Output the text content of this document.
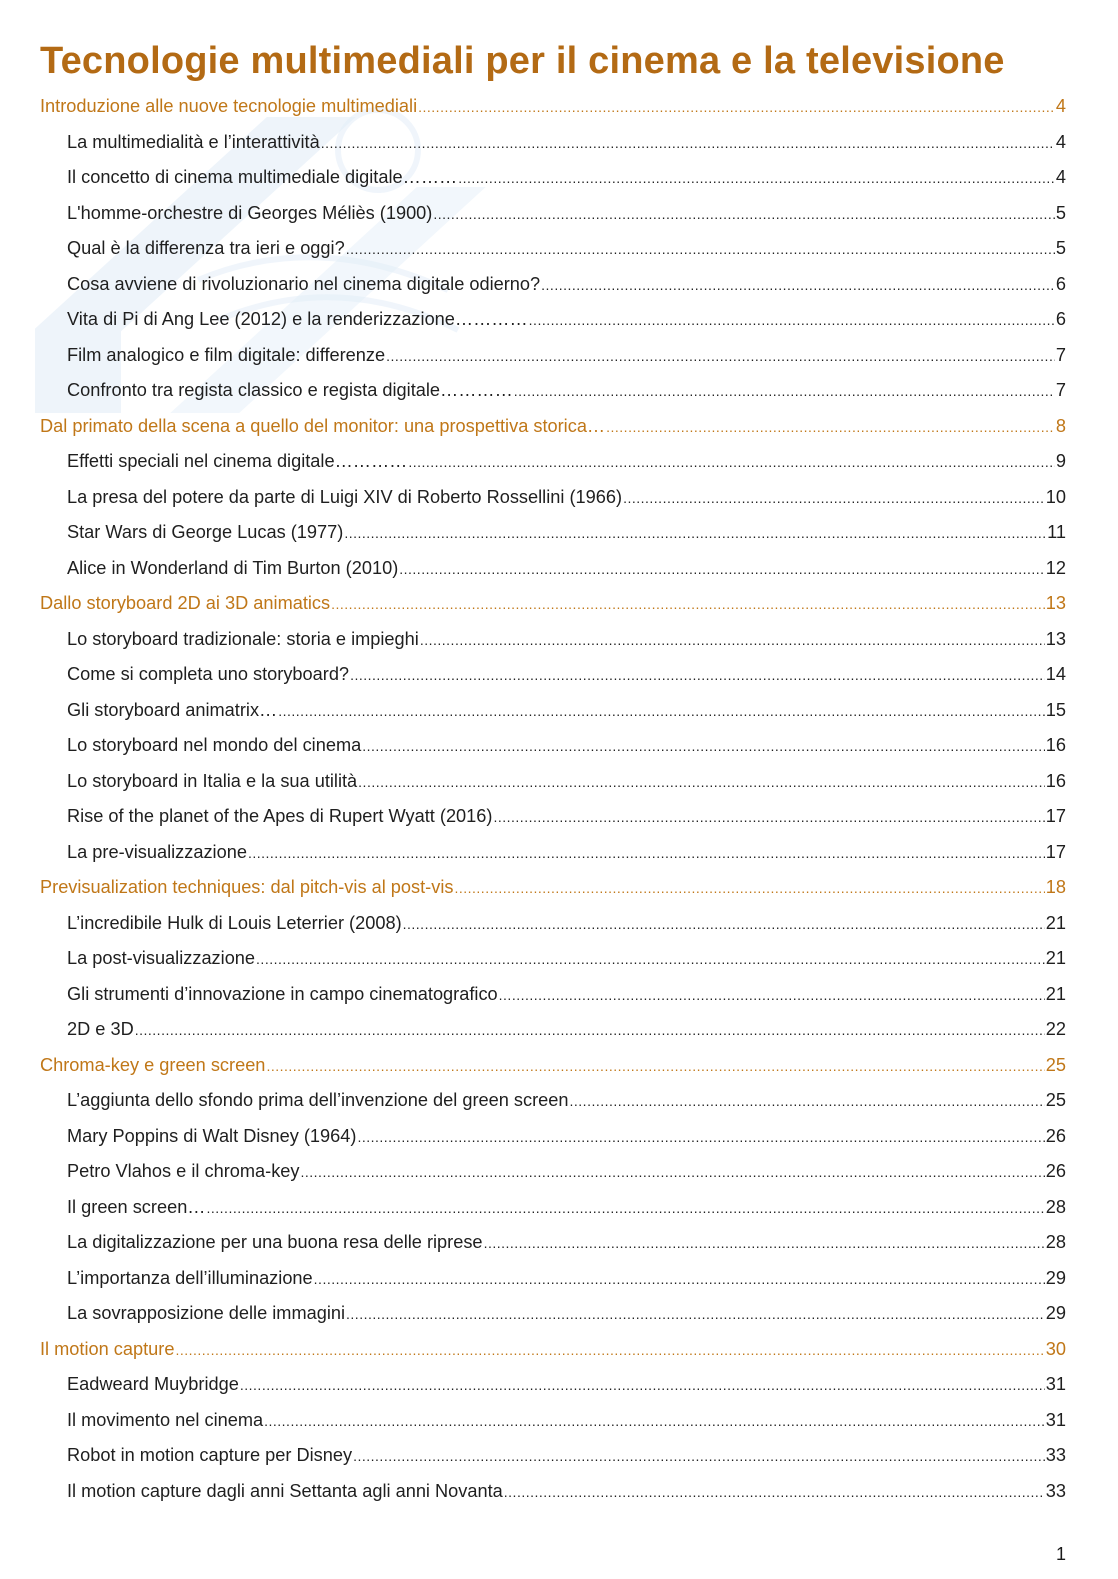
Tecnologie multimediali per il cinema e la televisione
Introduzione alle nuove tecnologie multimediali .....	4
La multimedialità e l’interattività .....	4
Il concetto di cinema multimediale digitale……… .....	4
L'homme-orchestre di Georges Méliès (1900) .....	5
Qual è la differenza tra ieri e oggi? .....	5
Cosa avviene di rivoluzionario nel cinema digitale odierno? .....	6
Vita di Pi di Ang Lee (2012) e la renderizzazione………… .....	6
Film analogico e film digitale: differenze .....	7
Confronto tra regista classico e regista digitale………… .....	7
Dal primato della scena a quello del monitor: una prospettiva storica… .....	8
Effetti speciali nel cinema digitale………… .....	9
La presa del potere da parte di Luigi XIV di Roberto Rossellini (1966) .....	10
Star Wars di George Lucas (1977) .....	11
Alice in Wonderland di Tim Burton (2010) .....	12
Dallo storyboard 2D ai 3D animatics .....	13
Lo storyboard tradizionale: storia e impieghi .....	13
Come si completa uno storyboard? .....	14
Gli storyboard animatrix… .....	15
Lo storyboard nel mondo del cinema .....	16
Lo storyboard in Italia e la sua utilità .....	16
Rise of the planet of the Apes di Rupert Wyatt (2016) .....	17
La pre-visualizzazione .....	17
Previsualization techniques: dal pitch-vis al post-vis .....	18
L’incredibile Hulk di Louis Leterrier (2008) .....	21
La post-visualizzazione .....	21
Gli strumenti d’innovazione in campo cinematografico .....	21
2D e 3D .....	22
Chroma-key e green screen .....	25
L’aggiunta dello sfondo prima dell’invenzione del green screen .....	25
Mary Poppins di Walt Disney (1964) .....	26
Petro Vlahos e il chroma-key .....	26
Il green screen… .....	28
La digitalizzazione per una buona resa delle riprese .....	28
L’importanza dell’illuminazione .....	29
La sovrapposizione delle immagini .....	29
Il motion capture .....	30
Eadweard Muybridge .....	31
Il movimento nel cinema .....	31
Robot in motion capture per Disney .....	33
Il motion capture dagli anni Settanta agli anni Novanta .....	33
1
